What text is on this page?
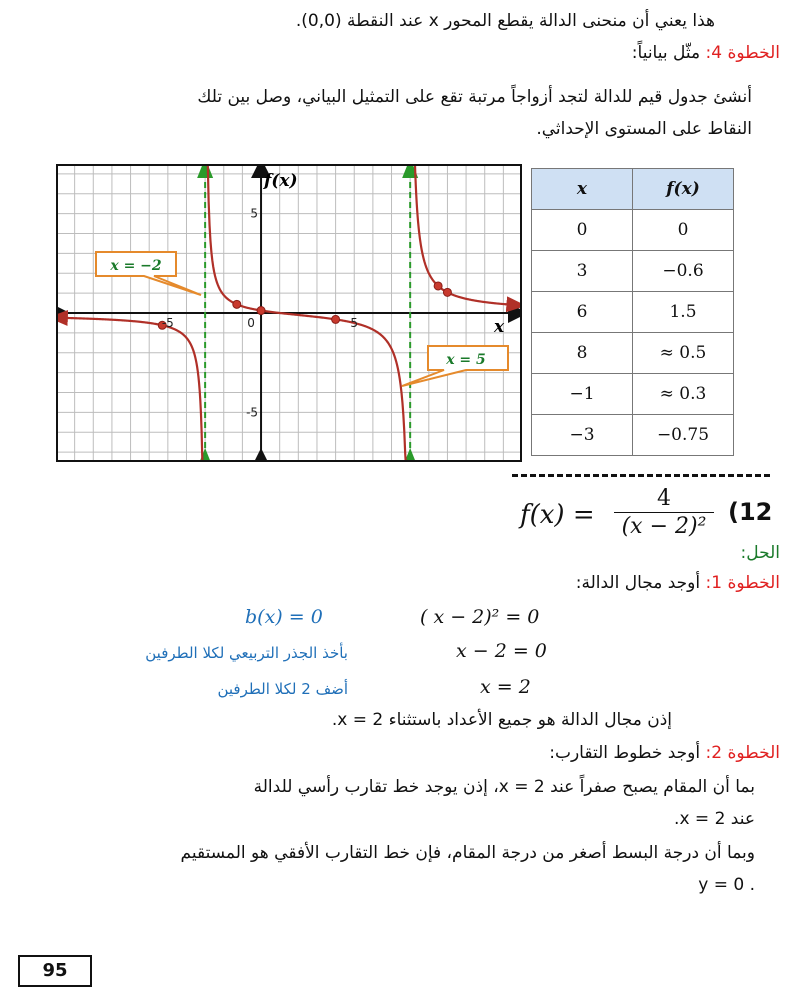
هذا يعني أن منحنى الدالة يقطع المحور x عند النقطة (0,0).
الخطوة 4: مثّل بيانياً:
أنشئ جدول قيم للدالة لتجد أزواجاً مرتبة تقع على التمثيل البياني، وصل بين تلك
النقاط على المستوى الإحداثي.
-5	0	5
5
-5
f(x)
x
x = −2
x = 5
x	f(x)
0	0
3	−0.6
6	1.5
8	≈ 0.5
−1	≈ 0.3
−3	−0.75
f(x) =
4
(x − 2)²
(12
الحل:
الخطوة 1: أوجد مجال الدالة:
( x − 2)² = 0
b(x) = 0
x − 2 = 0
بأخذ الجذر التربيعي لكلا الطرفين
x = 2
أضف 2 لكلا الطرفين
إذن مجال الدالة هو جميع الأعداد باستثناء x = 2.
الخطوة 2: أوجد خطوط التقارب:
بما أن المقام يصبح صفراً عند x = 2، إذن يوجد خط تقارب رأسي للدالة
عند x = 2.
وبما أن درجة البسط أصغر من درجة المقام، فإن خط التقارب الأفقي هو المستقيم
. y = 0
95
